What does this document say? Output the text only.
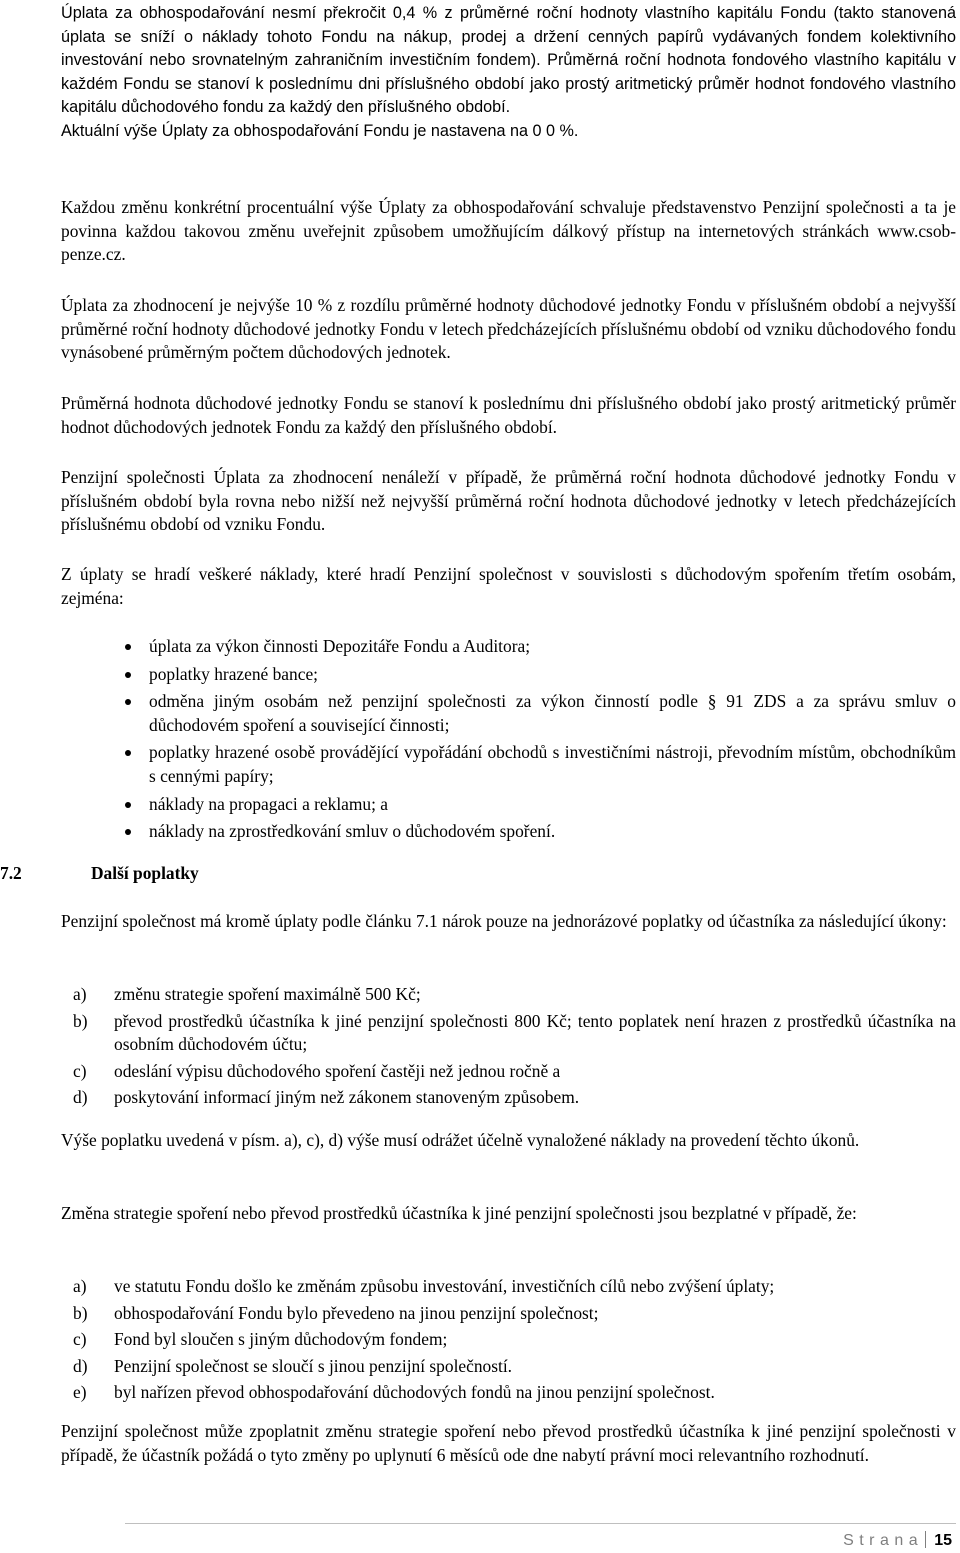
Úplata za obhospodařování nesmí překročit 0,4 % z průměrné roční hodnoty vlastního kapitálu Fondu (takto stanovená úplata se sníží o náklady tohoto Fondu na nákup, prodej a držení cenných papírů vydávaných fondem kolektivního investování nebo srovnatelným zahraničním investičním fondem). Průměrná roční hodnota fondového vlastního kapitálu v každém Fondu se stanoví k poslednímu dni příslušného období jako prostý aritmetický průměr hodnot fondového vlastního kapitálu důchodového fondu za každý den příslušného období.

Aktuální výše Úplaty za obhospodařování Fondu je nastavena na 0 0 %.

Každou změnu konkrétní procentuální výše Úplaty za obhospodařování schvaluje představenstvo Penzijní společnosti a ta je povinna každou takovou změnu uveřejnit způsobem umožňujícím dálkový přístup na internetových stránkách www.csob-penze.cz.

Úplata za zhodnocení je nejvýše 10 % z rozdílu průměrné hodnoty důchodové jednotky Fondu v příslušném období a nejvyšší průměrné roční hodnoty důchodové jednotky Fondu v letech předcházejících příslušnému období od vzniku důchodového fondu vynásobené průměrným počtem důchodových jednotek.

Průměrná hodnota důchodové jednotky Fondu se stanoví k poslednímu dni příslušného období jako prostý aritmetický průměr hodnot důchodových jednotek Fondu za každý den příslušného období.

Penzijní společnosti Úplata za zhodnocení nenáleží v případě, že průměrná roční hodnota důchodové jednotky Fondu v příslušném období byla rovna nebo nižší než nejvyšší průměrná roční hodnota důchodové jednotky v letech předcházejících příslušnému období od vzniku Fondu.

Z úplaty se hradí veškeré náklady, které hradí Penzijní společnost v souvislosti s důchodovým spořením třetím osobám, zejména:

úplata za výkon činnosti Depozitáře Fondu a Auditora;
poplatky hrazené bance;
odměna jiným osobám než penzijní společnosti za výkon činností podle § 91 ZDS a za správu smluv o důchodovém spoření a související činnosti;
poplatky hrazené osobě provádějící vypořádání obchodů s investičními nástroji, převodním místům, obchodníkům s cennými papíry;
náklady na propagaci a reklamu; a
náklady na zprostředkování smluv o důchodovém spoření.
7.2	Další poplatky

Penzijní společnost má kromě úplaty podle článku 7.1 nárok pouze na jednorázové poplatky od účastníka za následující úkony:

a) změnu strategie spoření maximálně 500 Kč;
b) převod prostředků účastníka k jiné penzijní společnosti 800 Kč; tento poplatek není hrazen z prostředků účastníka na osobním důchodovém účtu;
c) odeslání výpisu důchodového spoření častěji než jednou ročně a
d) poskytování informací jiným než zákonem stanoveným způsobem.

Výše poplatku uvedená v písm. a), c), d) výše musí odrážet účelně vynaložené náklady na provedení těchto úkonů.

Změna strategie spoření nebo převod prostředků účastníka k jiné penzijní společnosti jsou bezplatné v případě, že:

a) ve statutu Fondu došlo ke změnám způsobu investování, investičních cílů nebo zvýšení úplaty;
b) obhospodařování Fondu bylo převedeno na jinou penzijní společnost;
c) Fond byl sloučen s jiným důchodovým fondem;
d) Penzijní společnost se sloučí s jinou penzijní společností.
e) byl nařízen převod obhospodařování důchodových fondů na jinou penzijní společnost.

Penzijní společnost může zpoplatnit změnu strategie spoření nebo převod prostředků účastníka k jiné penzijní společnosti v případě, že účastník požádá o tyto změny po uplynutí 6 měsíců ode dne nabytí právní moci relevantního rozhodnutí.

Strana 15
